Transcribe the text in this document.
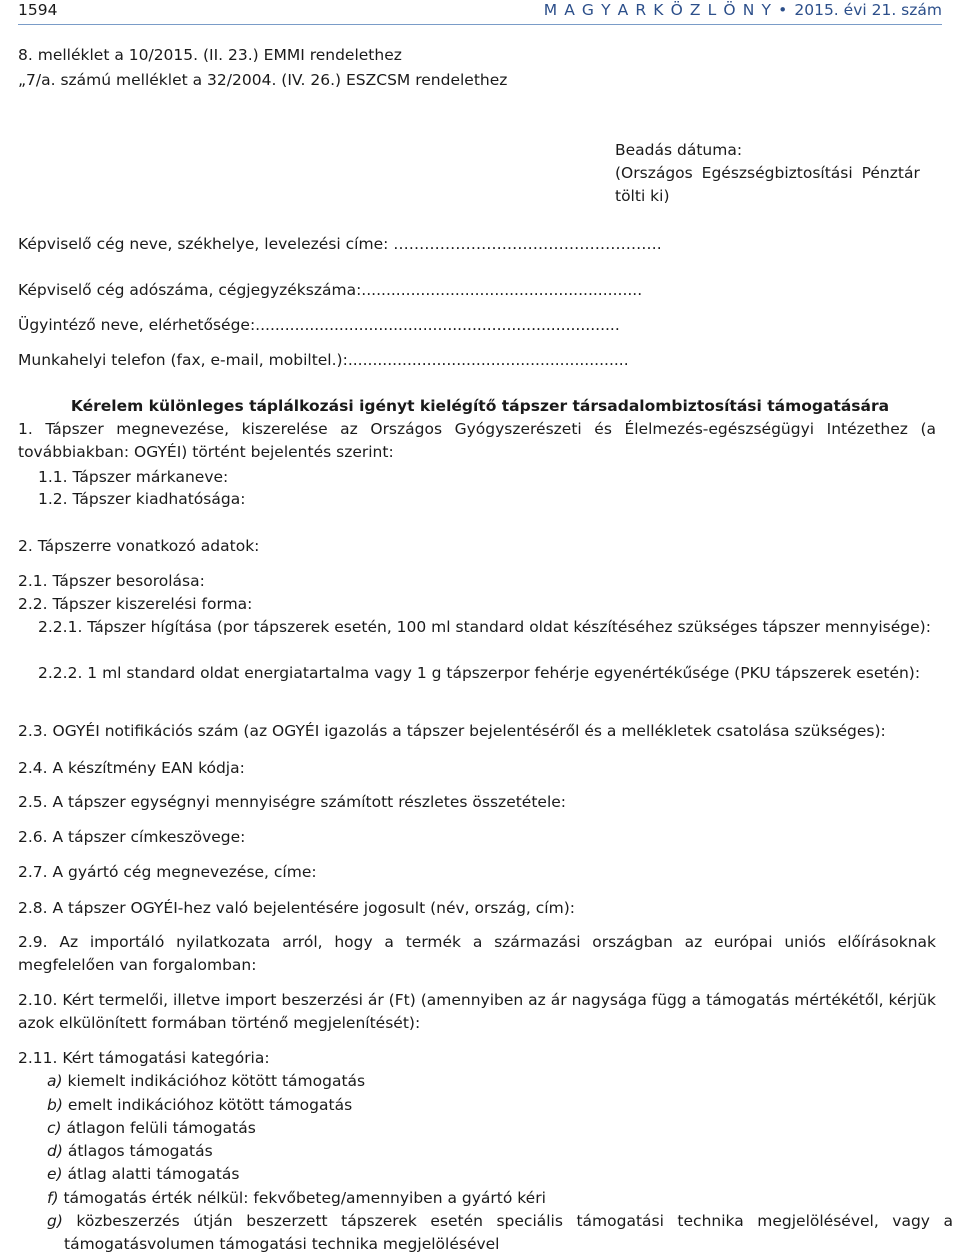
1594	M A G Y A R K Ö Z L Ö N Y • 2015. évi 21. szám
8. melléklet a 10/2015. (II. 23.) EMMI rendelethez
„7/a. számú melléklet a 32/2004. (IV. 26.) ESZCSM rendelethez
Beadás dátuma:
(Országos Egészségbiztosítási Pénztár
tölti ki)
Képviselő cég neve, székhelye, levelezési címe: …………………………………………….
Képviselő cég adószáma, cégjegyzékszáma:.........................................................
Ügyintéző neve, elérhetősége:..........................................................................
Munkahelyi telefon (fax, e-mail, mobiltel.):.........................................................
Kérelem különleges táplálkozási igényt kielégítő tápszer társadalombiztosítási támogatására
1. Tápszer megnevezése, kiszerelése az Országos Gyógyszerészeti és Élelmezés-egészségügyi Intézethez (a továbbiakban: OGYÉI) történt bejelentés szerint:
1.1. Tápszer márkaneve:
1.2. Tápszer kiadhatósága:
2. Tápszerre vonatkozó adatok:
2.1. Tápszer besorolása:
2.2. Tápszer kiszerelési forma:
2.2.1. Tápszer hígítása (por tápszerek esetén, 100 ml standard oldat készítéséhez szükséges tápszer mennyisége):
2.2.2. 1 ml standard oldat energiatartalma vagy 1 g tápszerpor fehérje egyenértékűsége (PKU tápszerek esetén):
2.3. OGYÉI notifikációs szám (az OGYÉI igazolás a tápszer bejelentéséről és a mellékletek csatolása szükséges):
2.4. A készítmény EAN kódja:
2.5. A tápszer egységnyi mennyiségre számított részletes összetétele:
2.6. A tápszer címkeszövege:
2.7. A gyártó cég megnevezése, címe:
2.8. A tápszer OGYÉI-hez való bejelentésére jogosult (név, ország, cím):
2.9. Az importáló nyilatkozata arról, hogy a termék a származási országban az európai uniós előírásoknak megfelelően van forgalomban:
2.10. Kért termelői, illetve import beszerzési ár (Ft) (amennyiben az ár nagysága függ a támogatás mértékétől, kérjük azok elkülönített formában történő megjelenítését):
2.11. Kért támogatási kategória:
a) kiemelt indikációhoz kötött támogatás
b) emelt indikációhoz kötött támogatás
c) átlagon felüli támogatás
d) átlagos támogatás
e) átlag alatti támogatás
f) támogatás érték nélkül: fekvőbeteg/amennyiben a gyártó kéri
g) közbeszerzés útján beszerzett tápszerek esetén speciális támogatási technika megjelölésével, vagy a támogatásvolumen támogatási technika megjelölésével
